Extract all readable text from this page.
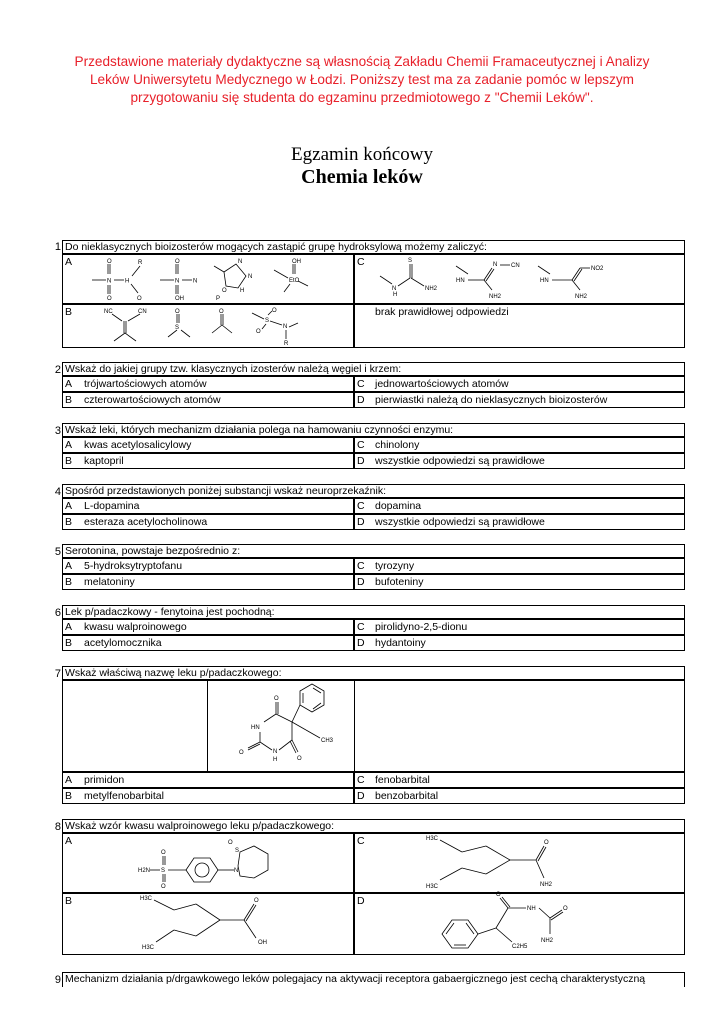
Przedstawione materiały dydaktyczne są własnością Zakładu Chemii Framaceutycznej i Analizy
Leków Uniwersytetu Medycznego w Łodzi. Poniższy test ma za zadanie pomóc w lepszym
przygotowaniu się studenta do egzaminu przedmiotowego z "Chemii Leków".
Egzamin końcowy
Chemia leków
1 Do nieklasycznych bioizosterów mogących zastąpić grupę hydroksylową możemy zaliczyć:
A	C
B	brak prawidłowej odpowiedzi
N
O
O
H
R
O
N
O
OH
N
N
N
H
O
P
EtO
OH
NC	CN	O
S
O
S
O
O
N
R
N
H
S
NH2
HN
N CN
NH2
HN
NO2
NH2
2 Wskaż do jakiej grupy tzw. klasycznych izosterów należą węgiel i krzem:
A trójwartościowych atomów	C jednowartościowych atomów
B czterowartościowych atomów	D pierwiastki należą do nieklasycznych bioizosterów
3 Wskaż leki, których mechanizm działania polega na hamowaniu czynności enzymu:
A kwas acetylosalicylowy	C chinolony
B kaptopril	D wszystkie odpowiedzi są prawidłowe
4 Spośród przedstawionych poniżej substancji wskaż neuroprzekaźnik:
A L-dopamina	C dopamina
B esteraza acetylocholinowa	D wszystkie odpowiedzi są prawidłowe
5 Serotonina, powstaje bezpośrednio z:
A 5-hydroksytryptofanu	C tyrozyny
B melatoniny	D bufoteniny
6 Lek p/padaczkowy - fenytoina jest pochodną:
A kwasu walproinowego	C pirolidyno-2,5-dionu
B acetylomocznika	D hydantoiny
7 Wskaż właściwą nazwę leku p/padaczkowego:
O
HN
O	N
H	O
CH3
A primidon	C fenobarbital
B metylfenobarbital	D benzobarbital
8 Wskaż wzór kwasu walproinowego leku p/padaczkowego:
A	C
B	D
H2N S
O
O
N
S
O
H3C
H3C
O
NH2
H3C
H3C
O
OH
C2H5
O
NH	O
NH2
9 Mechanizm działania p/drgawkowego leków polegajacy na aktywacji receptora gabaergicznego jest cechą charakterystyczną
